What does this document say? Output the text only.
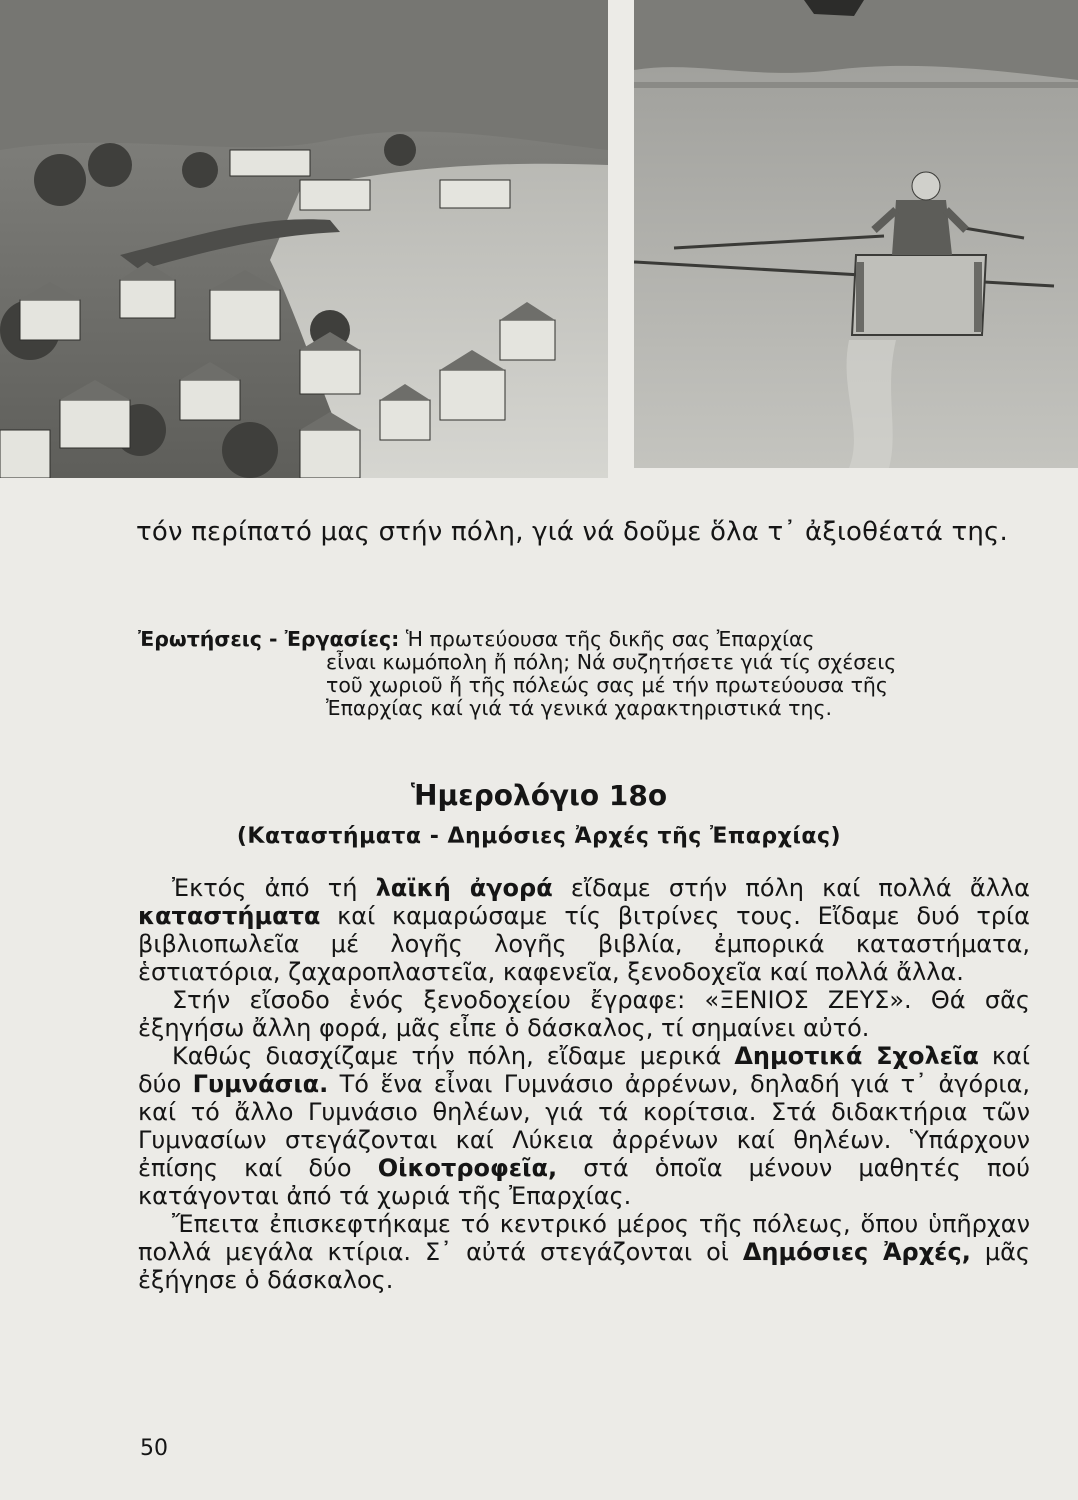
τόν περίπατό μας στήν πόλη, γιά νά δοῦμε ὅλα τ᾽ ἀξιοθέατά της.
Ἐρωτήσεις - Ἐργασίες: Ἡ πρωτεύουσα τῆς δικῆς σας Ἐπαρχίας
εἶναι κωμόπολη ἤ πόλη; Νά συζητήσετε γιά τίς σχέσεις
τοῦ χωριοῦ ἤ τῆς πόλεώς σας μέ τήν πρωτεύουσα τῆς
Ἐπαρχίας καί γιά τά γενικά χαρακτηριστικά της.
Ἡμερολόγιο 18ο
(Καταστήματα - Δημόσιες Ἀρχές τῆς Ἐπαρχίας)

Ἐκτός ἀπό τή λαϊκή ἀγορά εἴδαμε στήν πόλη καί πολλά ἄλλα καταστήματα καί καμαρώσαμε τίς βιτρίνες τους. Εἴδαμε δυό τρία βιβλιοπωλεῖα μέ λογῆς λογῆς βιβλία, ἐμπορικά καταστήματα, ἑστιατόρια, ζαχαροπλαστεῖα, καφενεῖα, ξενοδοχεῖα καί πολλά ἄλλα.

Στήν εἴσοδο ἑνός ξενοδοχείου ἔγραφε: «ΞΕΝΙΟΣ ΖΕΥΣ». Θά σᾶς ἐξηγήσω ἄλλη φορά, μᾶς εἶπε ὁ δάσκαλος, τί σημαίνει αὐτό.

Καθώς διασχίζαμε τήν πόλη, εἴδαμε μερικά Δημοτικά Σχολεῖα καί δύο Γυμνάσια. Τό ἕνα εἶναι Γυμνάσιο ἀρρένων, δηλαδή γιά τ᾽ ἀγόρια, καί τό ἄλλο Γυμνάσιο θηλέων, γιά τά κορίτσια. Στά διδακτήρια τῶν Γυμνασίων στεγάζονται καί Λύκεια ἀρρένων καί θηλέων. Ὑπάρχουν ἐπίσης καί δύο Οἰκοτροφεῖα, στά ὁποῖα μένουν μαθητές πού κατάγονται ἀπό τά χωριά τῆς Ἐπαρχίας.

Ἔπειτα ἐπισκεφτήκαμε τό κεντρικό μέρος τῆς πόλεως, ὅπου ὑπῆρχαν πολλά μεγάλα κτίρια. Σ᾽ αὐτά στεγάζονται οἱ Δημόσιες Ἀρχές, μᾶς ἐξήγησε ὁ δάσκαλος.

50
